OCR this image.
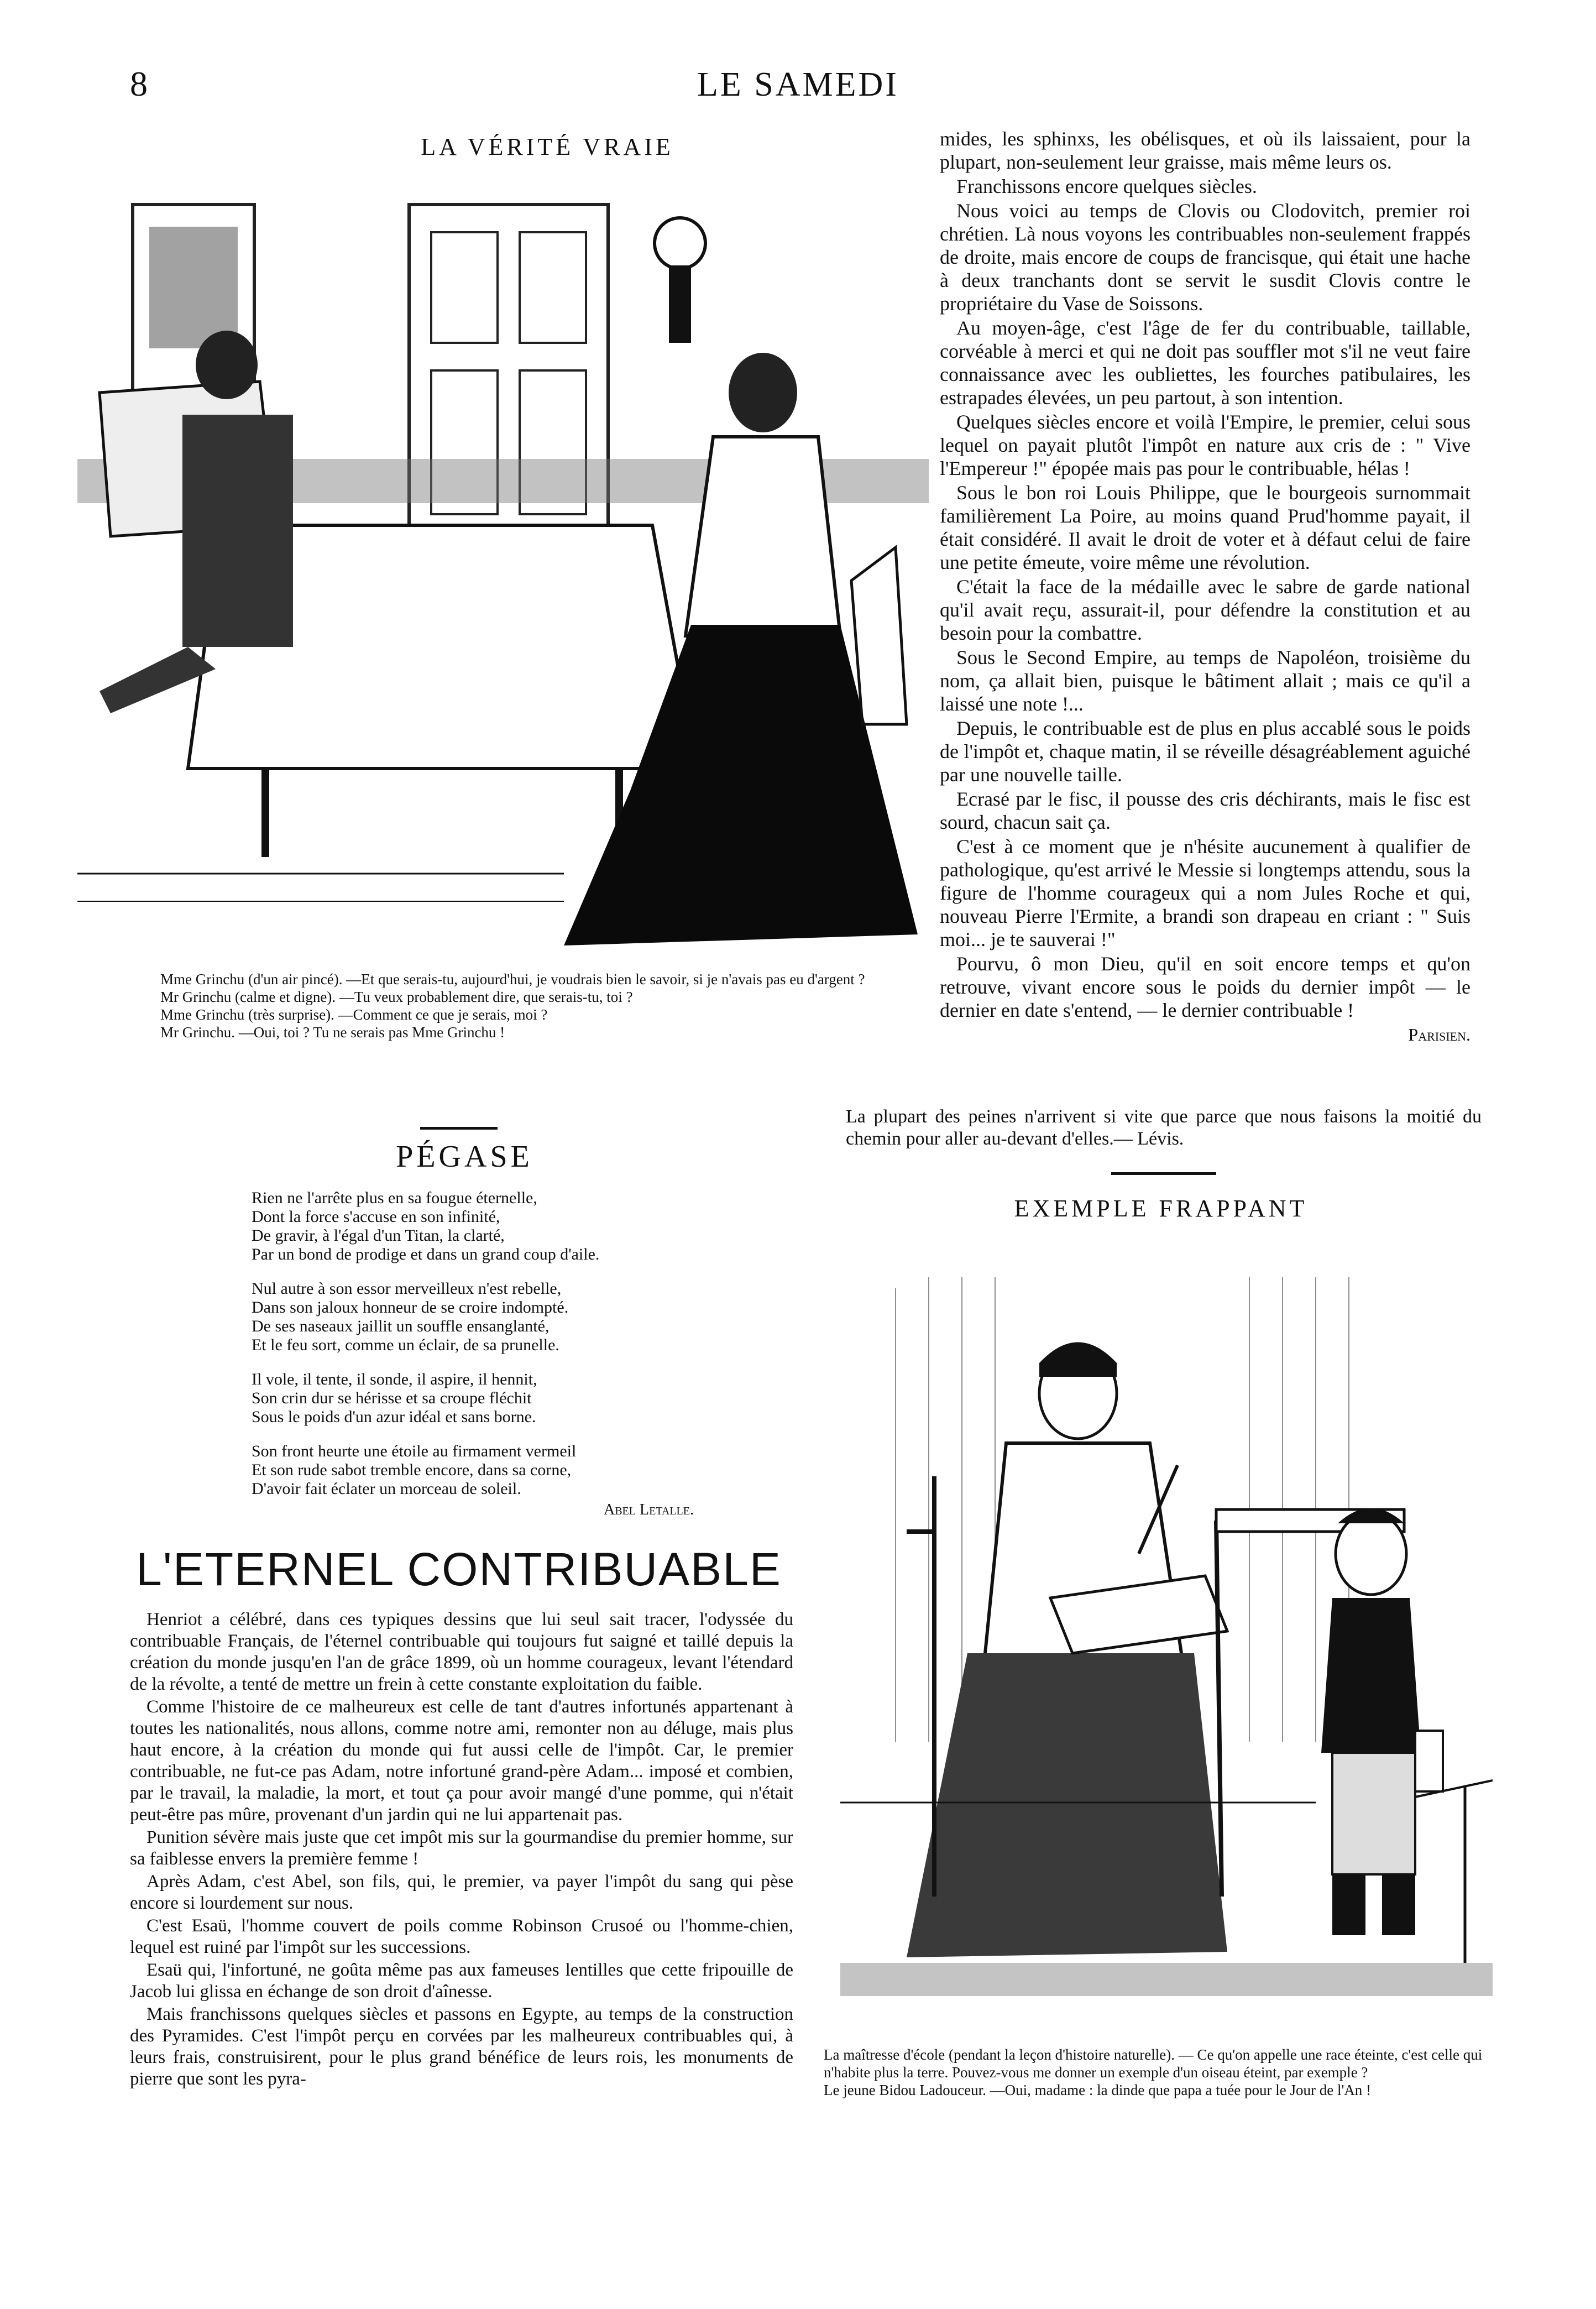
8	LE SAMEDI
LA VÉRITÉ VRAIE

Mme Grinchu (d'un air pincé). —Et que serais-tu, aujourd'hui, je voudrais bien le savoir, si je n'avais pas eu d'argent ?

Mr Grinchu (calme et digne). —Tu veux probablement dire, que serais-tu, toi ?

Mme Grinchu (très surprise). —Comment ce que je serais, moi ?

Mr Grinchu. —Oui, toi ? Tu ne serais pas Mme Grinchu !

mides, les sphinxs, les obélisques, et où ils laissaient, pour la plupart, non-seulement leur graisse, mais même leurs os.

Franchissons encore quelques siècles.

Nous voici au temps de Clovis ou Clodovitch, premier roi chrétien. Là nous voyons les contribuables non-seulement frappés de droite, mais encore de coups de francisque, qui était une hache à deux tranchants dont se servit le susdit Clovis contre le propriétaire du Vase de Soissons.

Au moyen-âge, c'est l'âge de fer du contribuable, taillable, corvéable à merci et qui ne doit pas souffler mot s'il ne veut faire connaissance avec les oubliettes, les fourches patibulaires, les estrapades élevées, un peu partout, à son intention.

Quelques siècles encore et voilà l'Empire, le premier, celui sous lequel on payait plutôt l'impôt en nature aux cris de : " Vive l'Empereur !" épopée mais pas pour le contribuable, hélas !

Sous le bon roi Louis Philippe, que le bourgeois surnommait familièrement La Poire, au moins quand Prud'homme payait, il était considéré. Il avait le droit de voter et à défaut celui de faire une petite émeute, voire même une révolution.

C'était la face de la médaille avec le sabre de garde national qu'il avait reçu, assurait-il, pour défendre la constitution et au besoin pour la combattre.

Sous le Second Empire, au temps de Napoléon, troisième du nom, ça allait bien, puisque le bâtiment allait ; mais ce qu'il a laissé une note !...

Depuis, le contribuable est de plus en plus accablé sous le poids de l'impôt et, chaque matin, il se réveille désagréablement aguiché par une nouvelle taille.

Ecrasé par le fisc, il pousse des cris déchirants, mais le fisc est sourd, chacun sait ça.

C'est à ce moment que je n'hésite aucunement à qualifier de pathologique, qu'est arrivé le Messie si longtemps attendu, sous la figure de l'homme courageux qui a nom Jules Roche et qui, nouveau Pierre l'Ermite, a brandi son drapeau en criant : " Suis moi... je te sauverai !"

Pourvu, ô mon Dieu, qu'il en soit encore temps et qu'on retrouve, vivant encore sous le poids du dernier impôt — le dernier en date s'entend, — le dernier contribuable !

Parisien.
La plupart des peines n'arrivent si vite que parce que nous faisons la moitié du chemin pour aller au-devant d'elles.— Lévis.
PÉGASE
Rien ne l'arrête plus en sa fougue éternelle,
Dont la force s'accuse en son infinité,
De gravir, à l'égal d'un Titan, la clarté,
Par un bond de prodige et dans un grand coup d'aile.
Nul autre à son essor merveilleux n'est rebelle,
Dans son jaloux honneur de se croire indompté.
De ses naseaux jaillit un souffle ensanglanté,
Et le feu sort, comme un éclair, de sa prunelle.
Il vole, il tente, il sonde, il aspire, il hennit,
Son crin dur se hérisse et sa croupe fléchit
Sous le poids d'un azur idéal et sans borne.
Son front heurte une étoile au firmament vermeil
Et son rude sabot tremble encore, dans sa corne,
D'avoir fait éclater un morceau de soleil.
Abel Letalle.
L'ETERNEL CONTRIBUABLE

Henriot a célébré, dans ces typiques dessins que lui seul sait tracer, l'odyssée du contribuable Français, de l'éternel contribuable qui toujours fut saigné et taillé depuis la création du monde jusqu'en l'an de grâce 1899, où un homme courageux, levant l'étendard de la révolte, a tenté de mettre un frein à cette constante exploitation du faible.

Comme l'histoire de ce malheureux est celle de tant d'autres infortunés appartenant à toutes les nationalités, nous allons, comme notre ami, remonter non au déluge, mais plus haut encore, à la création du monde qui fut aussi celle de l'impôt. Car, le premier contribuable, ne fut-ce pas Adam, notre infortuné grand-père Adam... imposé et combien, par le travail, la maladie, la mort, et tout ça pour avoir mangé d'une pomme, qui n'était peut-être pas mûre, provenant d'un jardin qui ne lui appartenait pas.

Punition sévère mais juste que cet impôt mis sur la gourmandise du premier homme, sur sa faiblesse envers la première femme !

Après Adam, c'est Abel, son fils, qui, le premier, va payer l'impôt du sang qui pèse encore si lourdement sur nous.

C'est Esaü, l'homme couvert de poils comme Robinson Crusoé ou l'homme-chien, lequel est ruiné par l'impôt sur les successions.

Esaü qui, l'infortuné, ne goûta même pas aux fameuses lentilles que cette fripouille de Jacob lui glissa en échange de son droit d'aînesse.

Mais franchissons quelques siècles et passons en Egypte, au temps de la construction des Pyramides. C'est l'impôt perçu en corvées par les malheureux contribuables qui, à leurs frais, construisirent, pour le plus grand bénéfice de leurs rois, les monuments de pierre que sont les pyra-

EXEMPLE FRAPPANT

La maîtresse d'école (pendant la leçon d'histoire naturelle). — Ce qu'on appelle une race éteinte, c'est celle qui n'habite plus la terre. Pouvez-vous me donner un exemple d'un oiseau éteint, par exemple ?

Le jeune Bidou Ladouceur. —Oui, madame : la dinde que papa a tuée pour le Jour de l'An !
